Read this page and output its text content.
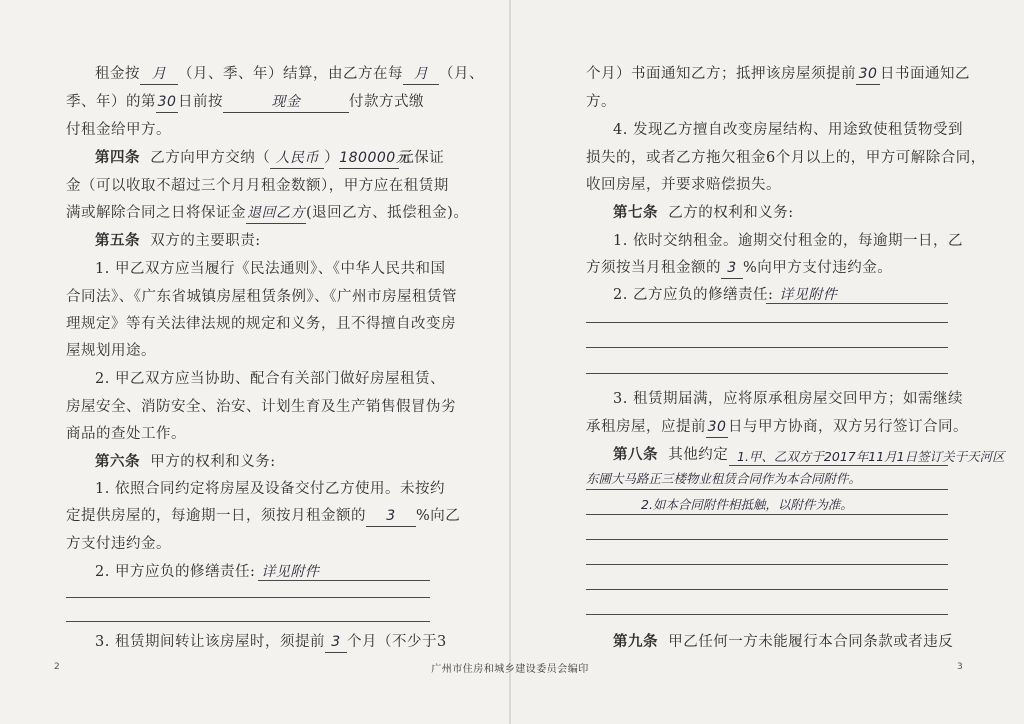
租金按 月 （月、季、年）结算，由乙方在每 月 （月、
季、年）的第 30 日前按	现金	付款方式缴
付租金给甲方。
第四条 乙方向甲方交纳（ 人民币 ）180000元元保证
金（可以收取不超过三个月月租金数额），甲方应在租赁期
满或解除合同之日将保证金退回乙方(退回乙方、抵偿租金)。
第五条 双方的主要职责:
1. 甲乙双方应当履行《民法通则》、《中华人民共和国
合同法》、《广东省城镇房屋租赁条例》、《广州市房屋租赁管
理规定》等有关法律法规的规定和义务，且不得擅自改变房
屋规划用途。
2. 甲乙双方应当协助、配合有关部门做好房屋租赁、
房屋安全、消防安全、治安、计划生育及生产销售假冒伪劣
商品的查处工作。
第六条 甲方的权利和义务:
1. 依照合同约定将房屋及设备交付乙方使用。未按约
定提供房屋的，每逾期一日，须按月租金额的 3 %向乙
方支付违约金。
2. 甲方应负的修缮责任: 详见附件
3. 租赁期间转让该房屋时，须提前 3 个月（不少于3
2
个月）书面通知乙方；抵押该房屋须提前 30 日书面通知乙
方。
4. 发现乙方擅自改变房屋结构、用途致使租赁物受到
损失的，或者乙方拖欠租金6个月以上的，甲方可解除合同，
收回房屋，并要求赔偿损失。
第七条 乙方的权利和义务:
1. 依时交纳租金。逾期交付租金的，每逾期一日，乙
方须按当月租金额的 3 %向甲方支付违约金。
2. 乙方应负的修缮责任: 详见附件
3. 租赁期届满，应将原承租房屋交回甲方；如需继续
承租房屋，应提前 30 日与甲方协商，双方另行签订合同。
第八条 其他约定 1.甲、乙双方于2017年11月1日签订关于天河区
东圃大马路正三楼物业租赁合同作为本合同附件。
2.如本合同附件相抵触，以附件为准。
第九条 甲乙任何一方未能履行本合同条款或者违反
3
广州市住房和城乡建设委员会编印
